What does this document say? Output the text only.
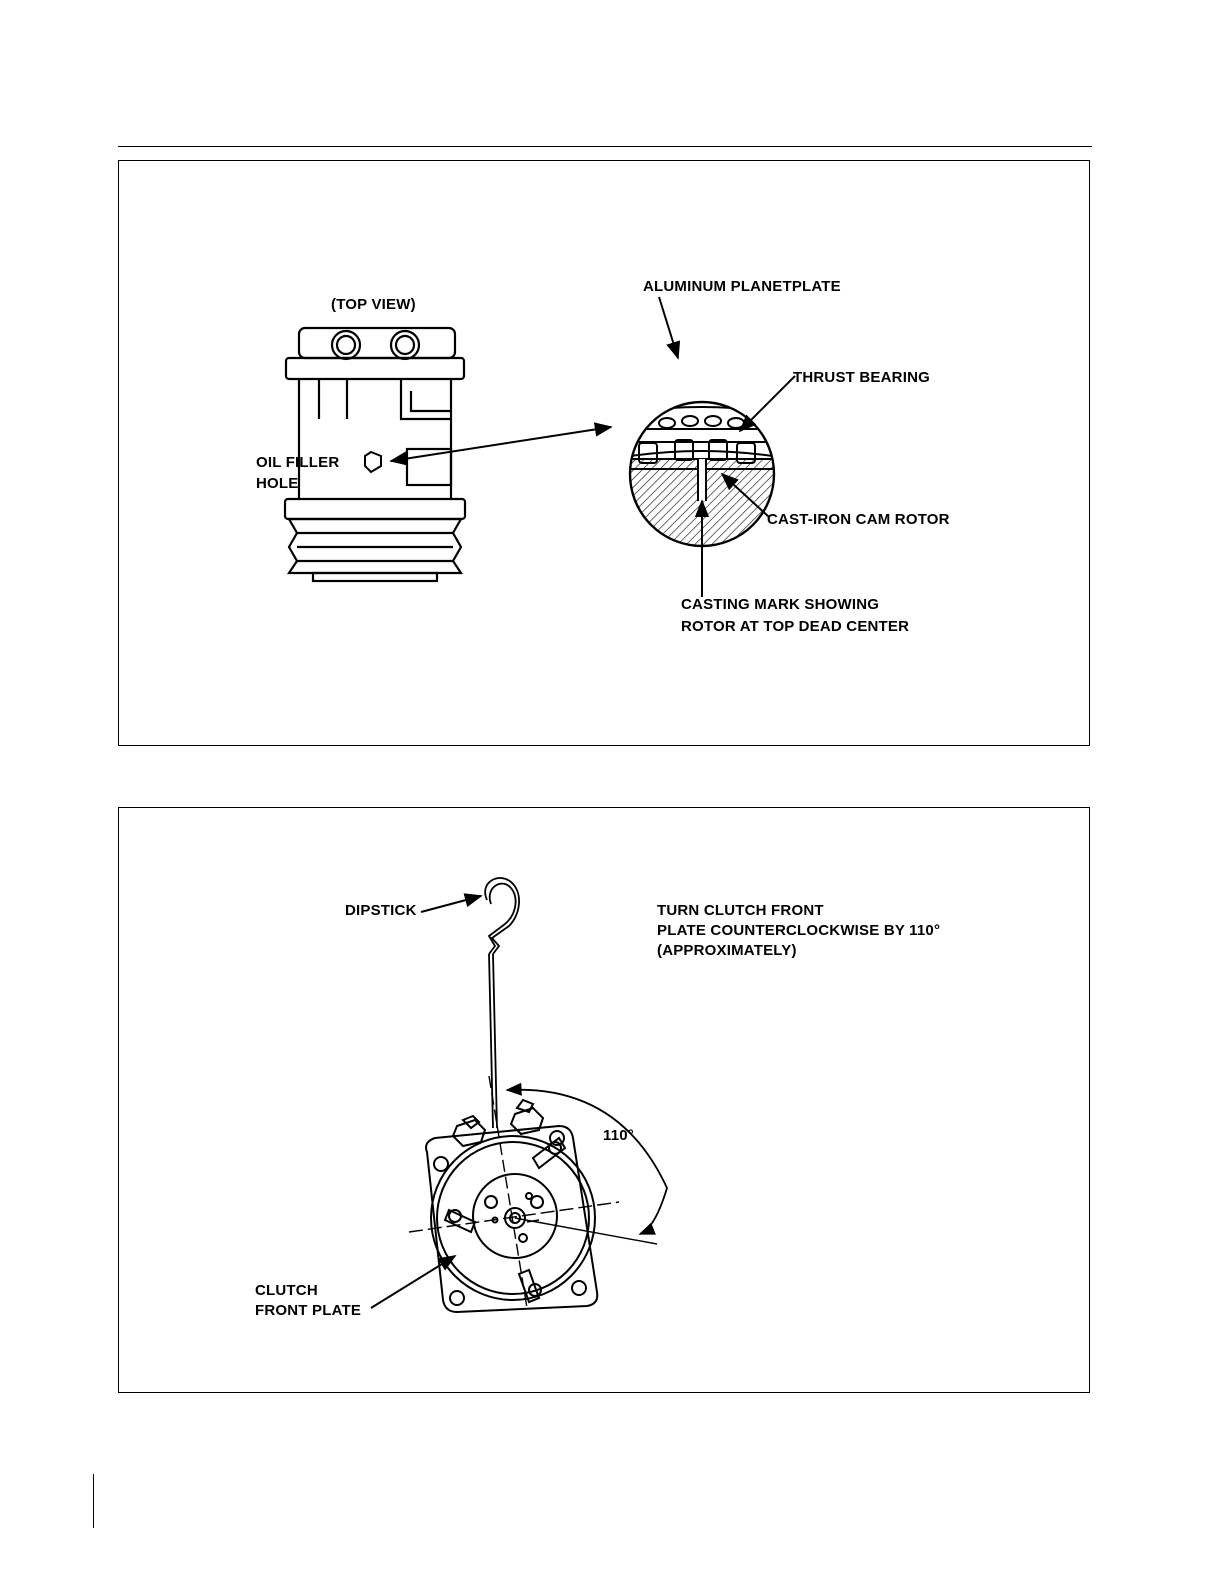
(TOP VIEW)
OIL FILLER
HOLE
ALUMINUM PLANETPLATE
THRUST BEARING
CAST-IRON CAM ROTOR
CASTING MARK SHOWING
ROTOR AT TOP DEAD CENTER
DIPSTICK	TURN CLUTCH FRONT
PLATE COUNTERCLOCKWISE BY 110°
(APPROXIMATELY)
110°
CLUTCH
FRONT PLATE
